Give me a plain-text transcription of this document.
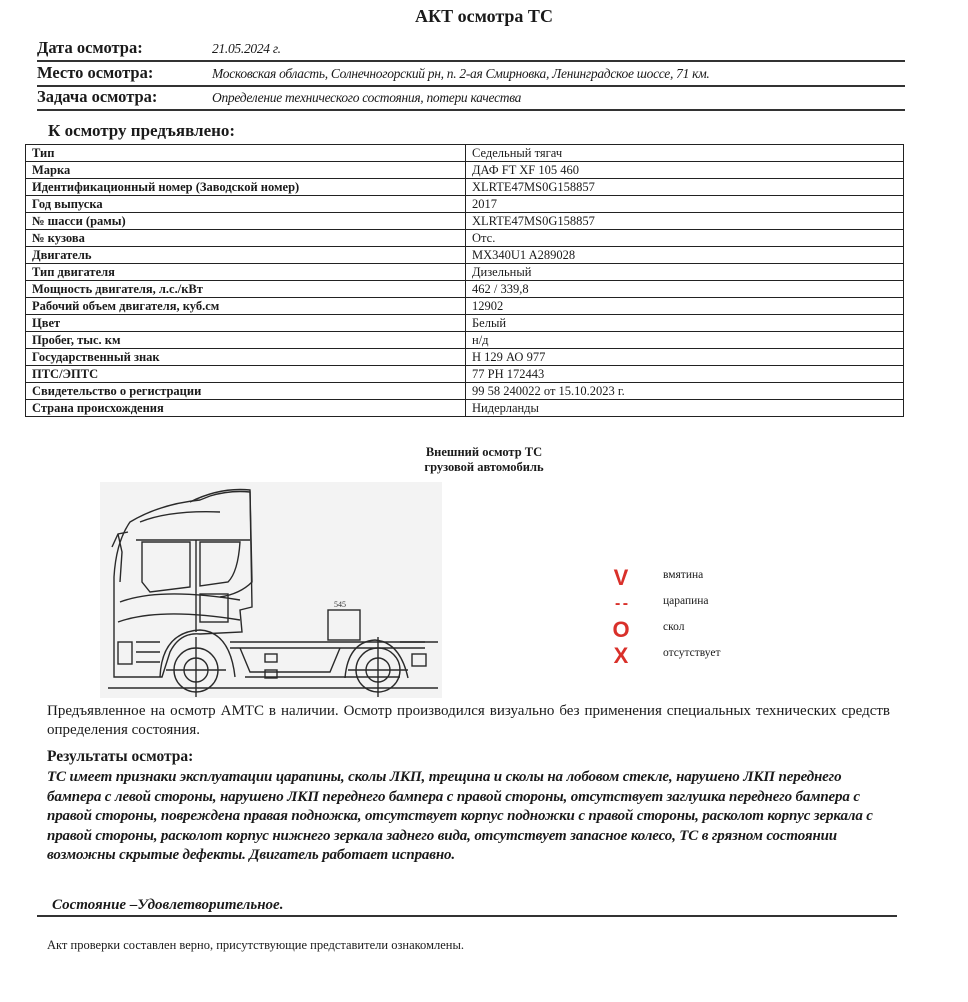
АКТ осмотра ТС
Дата осмотра:	21.05.2024 г.
Место осмотра:	Московская область, Солнечногорский рн, п. 2-ая Смирновка, Ленинградское шоссе, 71 км.
Задача осмотра:	Определение технического состояния, потери качества
К осмотру предъявлено:
Тип	Седельный тягач
Марка	ДАФ FT XF 105 460
Идентификационный номер (Заводской номер)	XLRTE47MS0G158857
Год выпуска	2017
№ шасси (рамы)	XLRTE47MS0G158857
№ кузова	Отс.
Двигатель	MX340U1 A289028
Тип двигателя	Дизельный
Мощность двигателя, л.с./кВт	462 / 339,8
Рабочий объем двигателя, куб.см	12902
Цвет	Белый
Пробег, тыс. км	н/д
Государственный знак	Н 129 АО 977
ПТС/ЭПТС	77 РН 172443
Свидетельство о регистрации	99 58 240022 от 15.10.2023 г.
Страна происхождения	Нидерланды
Внешний осмотр ТС
грузовой автомобиль
545
V	вмятина
- -	царапина
O	скол
X	отсутствует
Предъявленное на осмотр АМТС в наличии. Осмотр производился визуально без применения специальных технических средств определения состояния.
Результаты осмотра:
ТС имеет признаки эксплуатации царапины, сколы ЛКП, трещина и сколы на лобовом стекле, нарушено ЛКП переднего бампера с левой стороны, нарушено ЛКП переднего бампера с правой стороны, отсутствует заглушка переднего бампера с правой стороны, повреждена правая подножка, отсутствует корпус подножки с правой стороны, расколот корпус зеркала с правой стороны, расколот корпус нижнего зеркала заднего вида, отсутствует запасное колесо, ТС в грязном состоянии возможны скрытые дефекты. Двигатель работает исправно.
Состояние –Удовлетворительное.
Акт проверки составлен верно, присутствующие представители ознакомлены.
